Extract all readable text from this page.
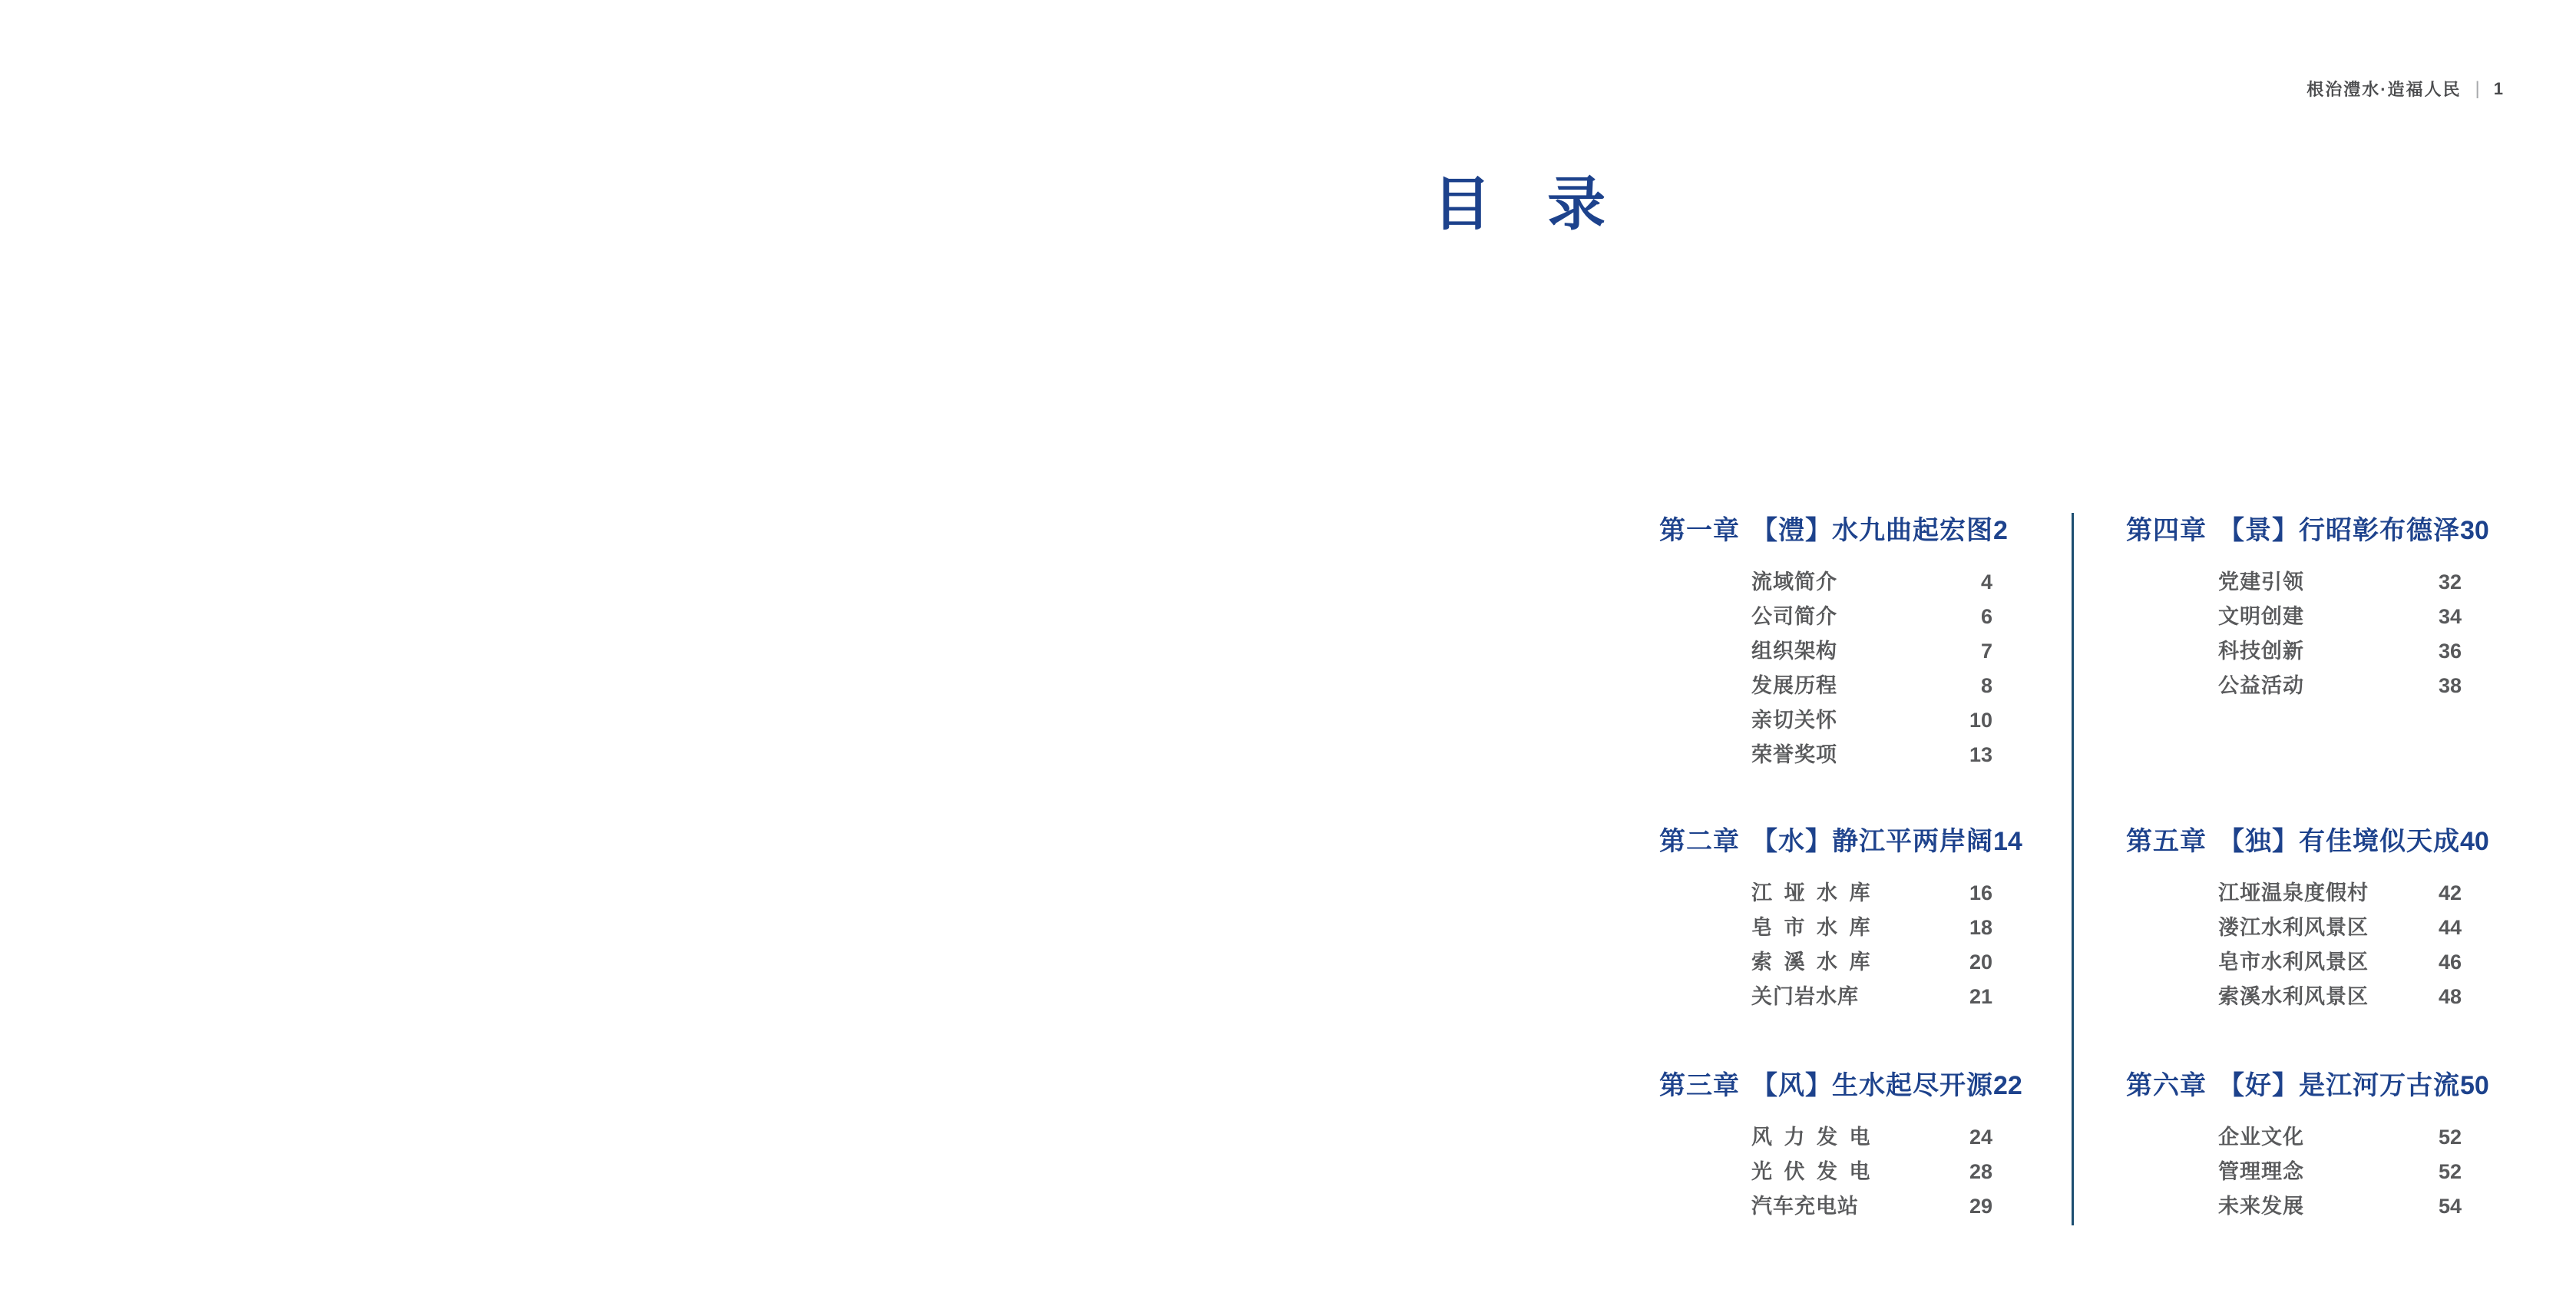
根治澧水·造福人民 | 1
目 录
第一章 【澧】水九曲起宏图 2
流域简介	4
公司简介	6
组织架构	7
发展历程	8
亲切关怀	10
荣誉奖项	13
第二章 【水】静江平两岸阔 14
江 垭 水 库	16
皂 市 水 库	18
索 溪 水 库	20
关门岩水库	21
第三章 【风】生水起尽开源 22
风 力 发 电	24
光 伏 发 电	28
汽车充电站	29
第四章 【景】行昭彰布德泽 30
党建引领	32
文明创建	34
科技创新	36
公益活动	38
第五章 【独】有佳境似天成 40
江垭温泉度假村	42
溇江水利风景区	44
皂市水利风景区	46
索溪水利风景区	48
第六章 【好】是江河万古流 50
企业文化	52
管理理念	52
未来发展	54
